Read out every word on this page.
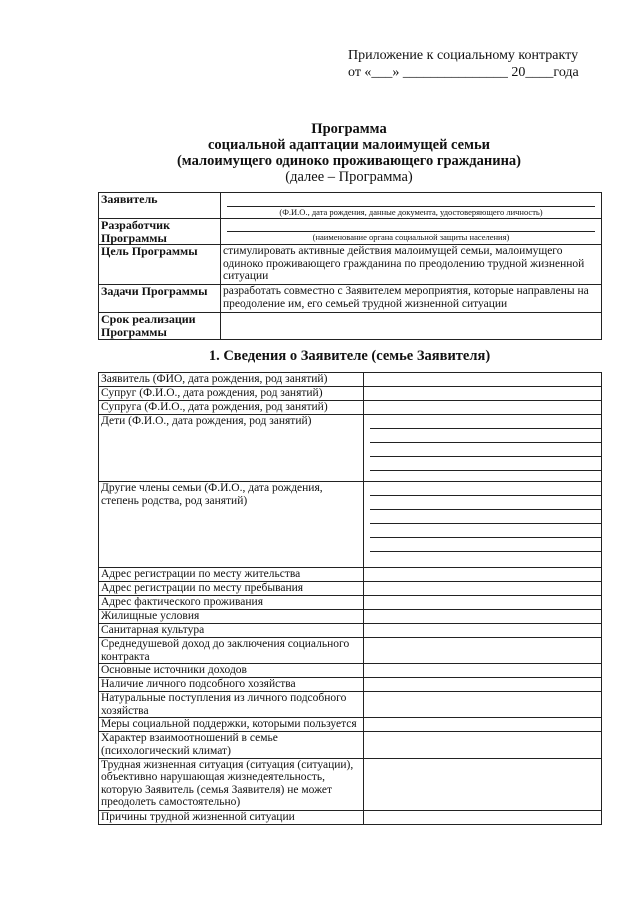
Приложение к социальному контракту
от «___» _______________ 20____года
Программа
социальной адаптации малоимущей семьи
(малоимущего одиноко проживающего гражданина)
(далее – Программа)
Заявитель	(Ф.И.О., дата рождения, данные документа, удостоверяющего личность)

Разработчик Программы	(наименование органа социальной защиты населения)

Цель Программы	стимулировать активные действия малоимущей семьи, малоимущего одиноко проживающего гражданина по преодолению трудной жизненной ситуации
Задачи Программы	разработать совместно с Заявителем мероприятия, которые направлены на преодоление им, его семьей трудной жизненной ситуации
Срок реализации Программы	
1. Сведения о Заявителе (семье Заявителя)
Заявитель (ФИО, дата рождения, род занятий)	
Супруг (Ф.И.О., дата рождения, род занятий)	
Супруга (Ф.И.О., дата рождения, род занятий)	
Дети (Ф.И.О., дата рождения, род занятий)	

Другие члены семьи (Ф.И.О., дата рождения, степень родства, род занятий)	

Адрес регистрации по месту жительства	
Адрес регистрации по месту пребывания	
Адрес фактического проживания	
Жилищные условия	
Санитарная культура	
Среднедушевой доход до заключения социального контракта	
Основные источники доходов	
Наличие личного подсобного хозяйства	
Натуральные поступления из личного подсобного хозяйства	
Меры социальной поддержки, которыми пользуется	
Характер взаимоотношений в семье (психологический климат)	
Трудная жизненная ситуация (ситуация (ситуации), объективно нарушающая жизнедеятельность, которую Заявитель (семья Заявителя) не может преодолеть самостоятельно)	
Причины трудной жизненной ситуации	
